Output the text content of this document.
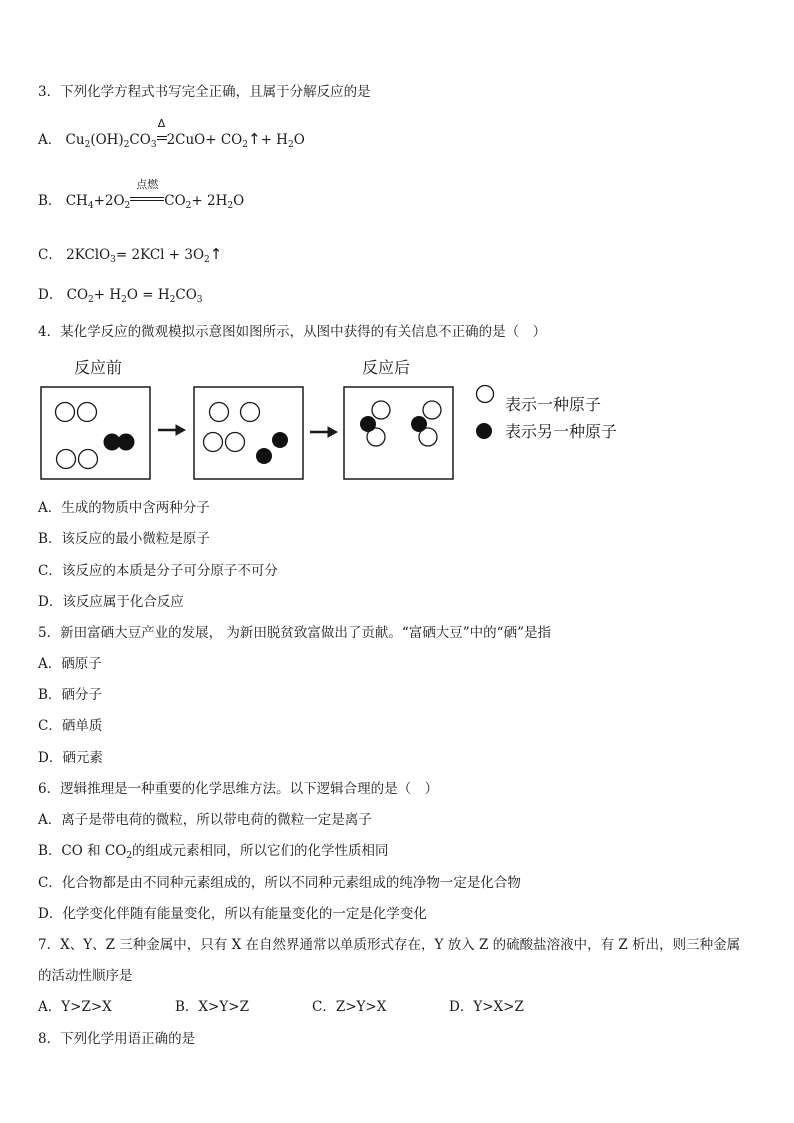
3．下列化学方程式书写完全正确，且属于分解反应的是
A． $Cu_2(OH)_2CO_3$
Δ
$2CuO+ CO_2↑+ H_2O$
B． $CH_4+2O_2$
点燃
$CO_2+ 2H_2O$
C． 2KClO$_3$= $2KCl + 3O_2↑$
D． $CO_2+ H_2O = H_2CO_3$
4．某化学反应的微观模拟示意图如图所示，从图中获得的有关信息不正确的是（　）
反应前	反应后
表示一种原子
表示另一种原子
A．生成的物质中含两种分子
B．该反应的最小微粒是原子
C．该反应的本质是分子可分原子不可分
D．该反应属于化合反应
5．新田富硒大豆产业的发展， 为新田脱贫致富做出了贡献。“富硒大豆”中的“硒”是指
A．硒原子
B．硒分子
C．硒单质
D．硒元素
6．逻辑推理是一种重要的化学思维方法。以下逻辑合理的是（　）
A．离子是带电荷的微粒，所以带电荷的微粒一定是离子
B．CO 和 $CO_2$的组成元素相同，所以它们的化学性质相同
C．化合物都是由不同种元素组成的，所以不同种元素组成的纯净物一定是化合物
D．化学变化伴随有能量变化，所以有能量变化的一定是化学变化
7．X、Y、Z 三种金属中，只有 X 在自然界通常以单质形式存在，Y 放入 Z 的硫酸盐溶液中，有 Z 析出，则三种金属
的活动性顺序是
A．Y>Z>X	B．X>Y>Z	C．Z>Y>X	D．Y>X>Z
8．下列化学用语正确的是
